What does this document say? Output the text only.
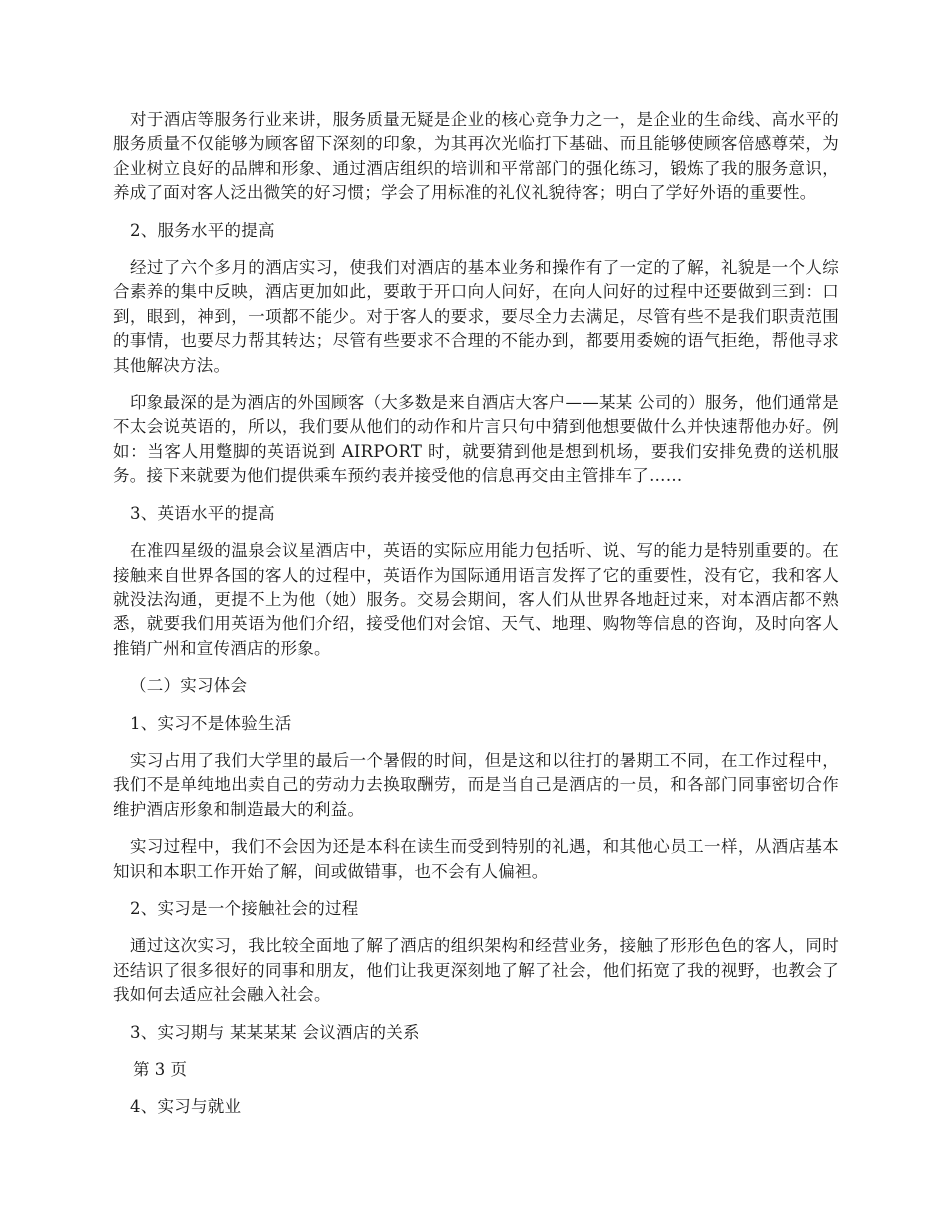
对于酒店等服务行业来讲，服务质量无疑是企业的核心竞争力之一，是企业的生命线、高水平的服务质量不仅能够为顾客留下深刻的印象，为其再次光临打下基础、而且能够使顾客倍感尊荣，为企业树立良好的品牌和形象、通过酒店组织的培训和平常部门的强化练习，锻炼了我的服务意识，养成了面对客人泛出微笑的好习惯；学会了用标准的礼仪礼貌待客；明白了学好外语的重要性。

2、服务水平的提高

经过了六个多月的酒店实习，使我们对酒店的基本业务和操作有了一定的了解，礼貌是一个人综合素养的集中反映，酒店更加如此，要敢于开口向人问好，在向人问好的过程中还要做到三到：口到，眼到，神到，一项都不能少。对于客人的要求，要尽全力去满足，尽管有些不是我们职责范围的事情，也要尽力帮其转达；尽管有些要求不合理的不能办到，都要用委婉的语气拒绝，帮他寻求其他解决方法。

印象最深的是为酒店的外国顾客（大多数是来自酒店大客户——某某 公司的）服务，他们通常是不太会说英语的，所以，我们要从他们的动作和片言只句中猜到他想要做什么并快速帮他办好。例如：当客人用蹩脚的英语说到 AIRPORT 时，就要猜到他是想到机场，要我们安排免费的送机服务。接下来就要为他们提供乘车预约表并接受他的信息再交由主管排车了……

3、英语水平的提高

在准四星级的温泉会议星酒店中，英语的实际应用能力包括听、说、写的能力是特别重要的。在接触来自世界各国的客人的过程中，英语作为国际通用语言发挥了它的重要性，没有它，我和客人就没法沟通，更提不上为他（她）服务。交易会期间，客人们从世界各地赶过来，对本酒店都不熟悉，就要我们用英语为他们介绍，接受他们对会馆、天气、地理、购物等信息的咨询，及时向客人推销广州和宣传酒店的形象。

（二）实习体会

1、实习不是体验生活

实习占用了我们大学里的最后一个暑假的时间，但是这和以往打的暑期工不同，在工作过程中，我们不是单纯地出卖自己的劳动力去换取酬劳，而是当自己是酒店的一员，和各部门同事密切合作维护酒店形象和制造最大的利益。

实习过程中，我们不会因为还是本科在读生而受到特别的礼遇，和其他心员工一样，从酒店基本知识和本职工作开始了解，间或做错事，也不会有人偏袒。

2、实习是一个接触社会的过程

通过这次实习，我比较全面地了解了酒店的组织架构和经营业务，接触了形形色色的客人，同时还结识了很多很好的同事和朋友，他们让我更深刻地了解了社会，他们拓宽了我的视野，也教会了我如何去适应社会融入社会。

3、实习期与 某某某某 会议酒店的关系

第 3 页

4、实习与就业
